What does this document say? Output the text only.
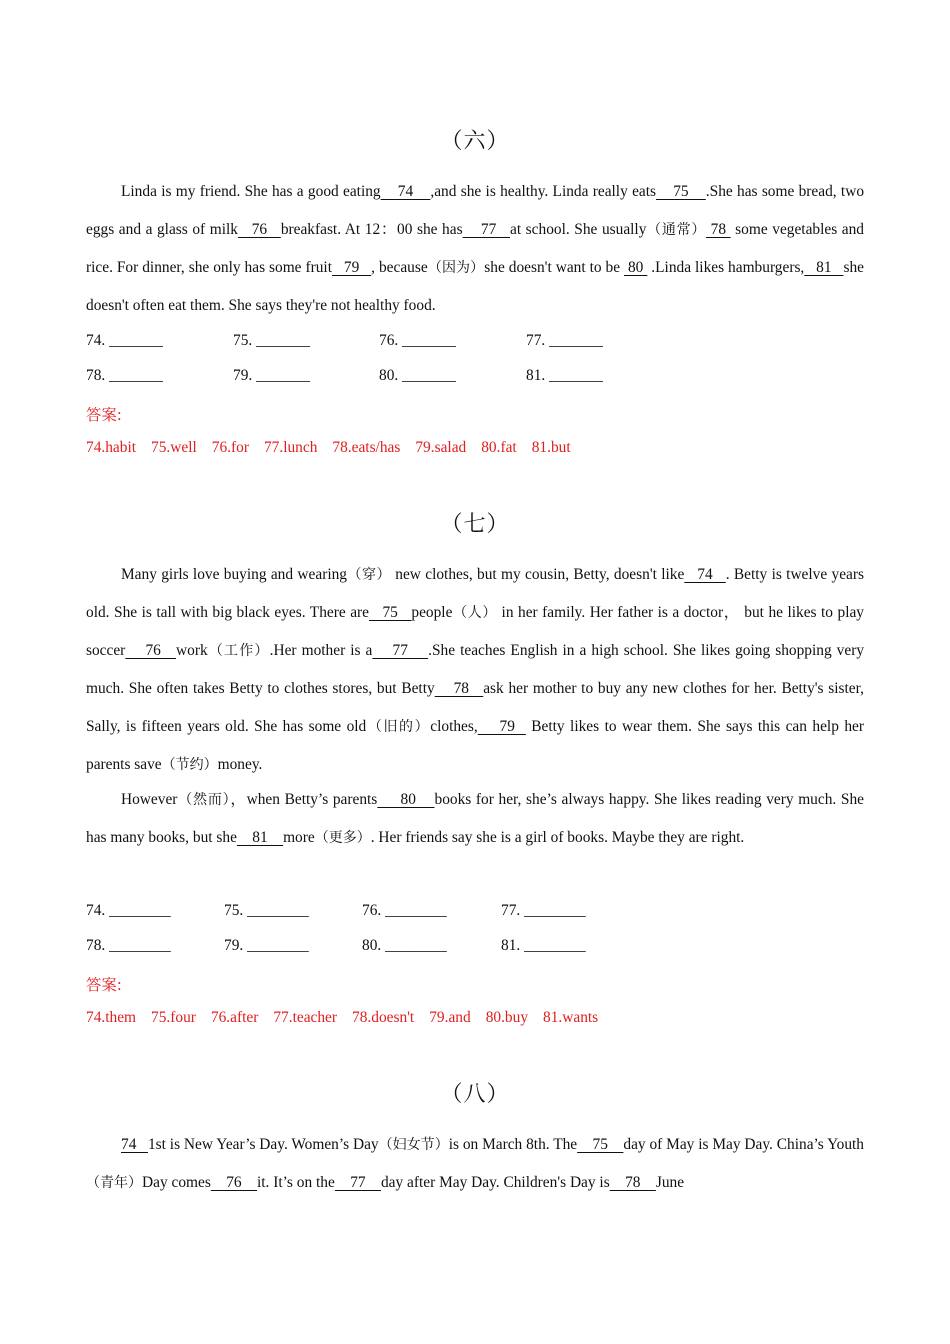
（六）
Linda is my friend. She has a good eating    74    ,and she is healthy. Linda really eats    75    .She has some bread, two eggs and a glass of milk   76   breakfast. At 12：00 she has    77   at school. She usually（通常） 78  some vegetables and rice. For dinner, she only has some fruit   79   , because（因为）she doesn't want to be  80  .Linda likes hamburgers,   81   she doesn't often eat them. She says they're not healthy food.
74. _______	75. _______	76. _______	77. _______
78. _______	79. _______	80. _______	81. _______
答案:
74.habit 75.well 76.for 77.lunch 78.eats/has 79.salad 80.fat 81.but
（七）
Many girls love buying and wearing（穿） new clothes, but my cousin, Betty, doesn't like   74   . Betty is twelve years old. She is tall with big black eyes. There are   75   people（人） in her family. Her father is a doctor， but he likes to play soccer    76   work（工作）.Her mother is a    77    .She teaches English in a high school. She likes going shopping very much. She often takes Betty to clothes stores, but Betty    78   ask her mother to buy any new clothes for her. Betty's sister, Sally, is fifteen years old. She has some old（旧的）clothes,    79   Betty likes to wear them. She says this can help her parents save（节约）money.
However（然而），when Betty’s parents     80    books for her, she’s always happy. She likes reading very much. She has many books, but she    81    more（更多）. Her friends say she is a girl of books. Maybe they are right.
74. ________	75. ________	76. ________	77. ________
78. ________	79. ________	80. ________	81. ________
答案:
74.them 75.four 76.after 77.teacher 78.doesn't 79.and 80.buy 81.wants
（八）
74   1st is New Year’s Day. Women’s Day（妇女节）is on March 8th. The    75    day of May is May Day. China’s Youth（青年）Day comes    76    it. It’s on the    77    day after May Day. Children's Day is    78    June
